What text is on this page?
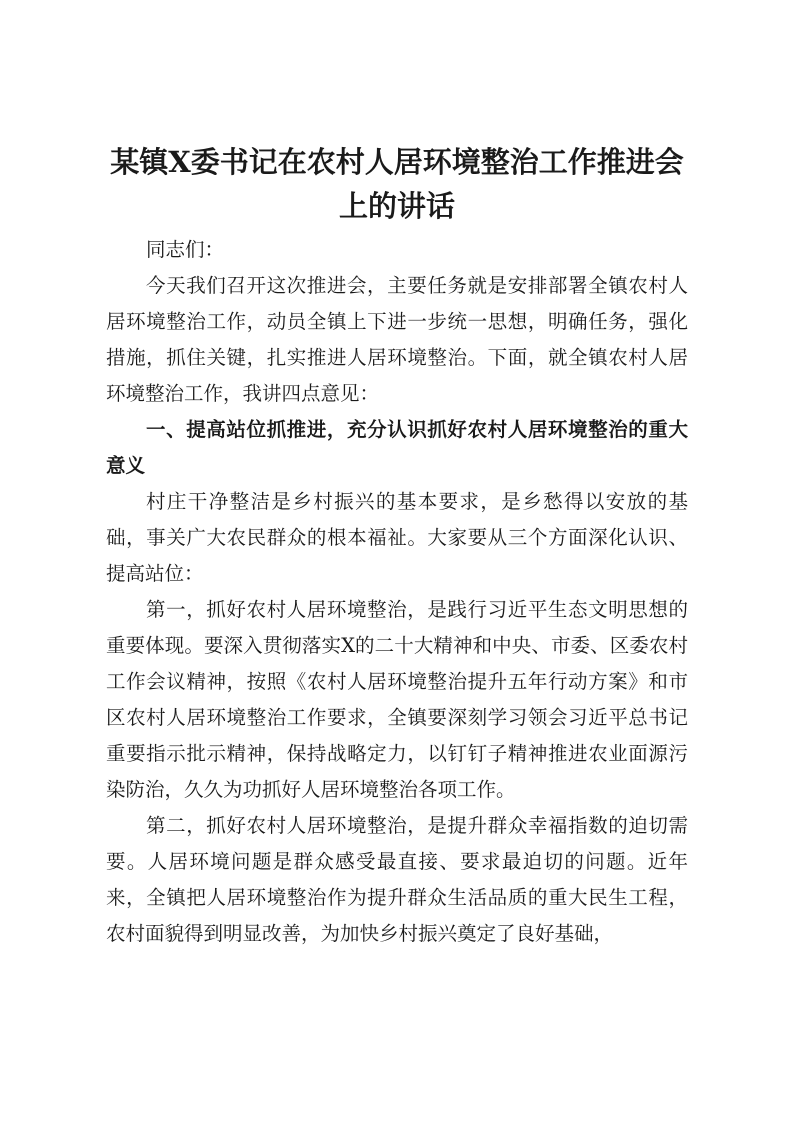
某镇X委书记在农村人居环境整治工作推进会上的讲话

同志们：

今天我们召开这次推进会，主要任务就是安排部署全镇农村人居环境整治工作，动员全镇上下进一步统一思想，明确任务，强化措施，抓住关键，扎实推进人居环境整治。下面，就全镇农村人居环境整治工作，我讲四点意见：

一、提高站位抓推进，充分认识抓好农村人居环境整治的重大意义

村庄干净整洁是乡村振兴的基本要求，是乡愁得以安放的基础，事关广大农民群众的根本福祉。大家要从三个方面深化认识、提高站位：

第一，抓好农村人居环境整治，是践行习近平生态文明思想的重要体现。要深入贯彻落实X的二十大精神和中央、市委、区委农村工作会议精神，按照《农村人居环境整治提升五年行动方案》和市区农村人居环境整治工作要求，全镇要深刻学习领会习近平总书记重要指示批示精神，保持战略定力，以钉钉子精神推进农业面源污染防治，久久为功抓好人居环境整治各项工作。

第二，抓好农村人居环境整治，是提升群众幸福指数的迫切需要。人居环境问题是群众感受最直接、要求最迫切的问题。近年来，全镇把人居环境整治作为提升群众生活品质的重大民生工程，农村面貌得到明显改善，为加快乡村振兴奠定了良好基础，
